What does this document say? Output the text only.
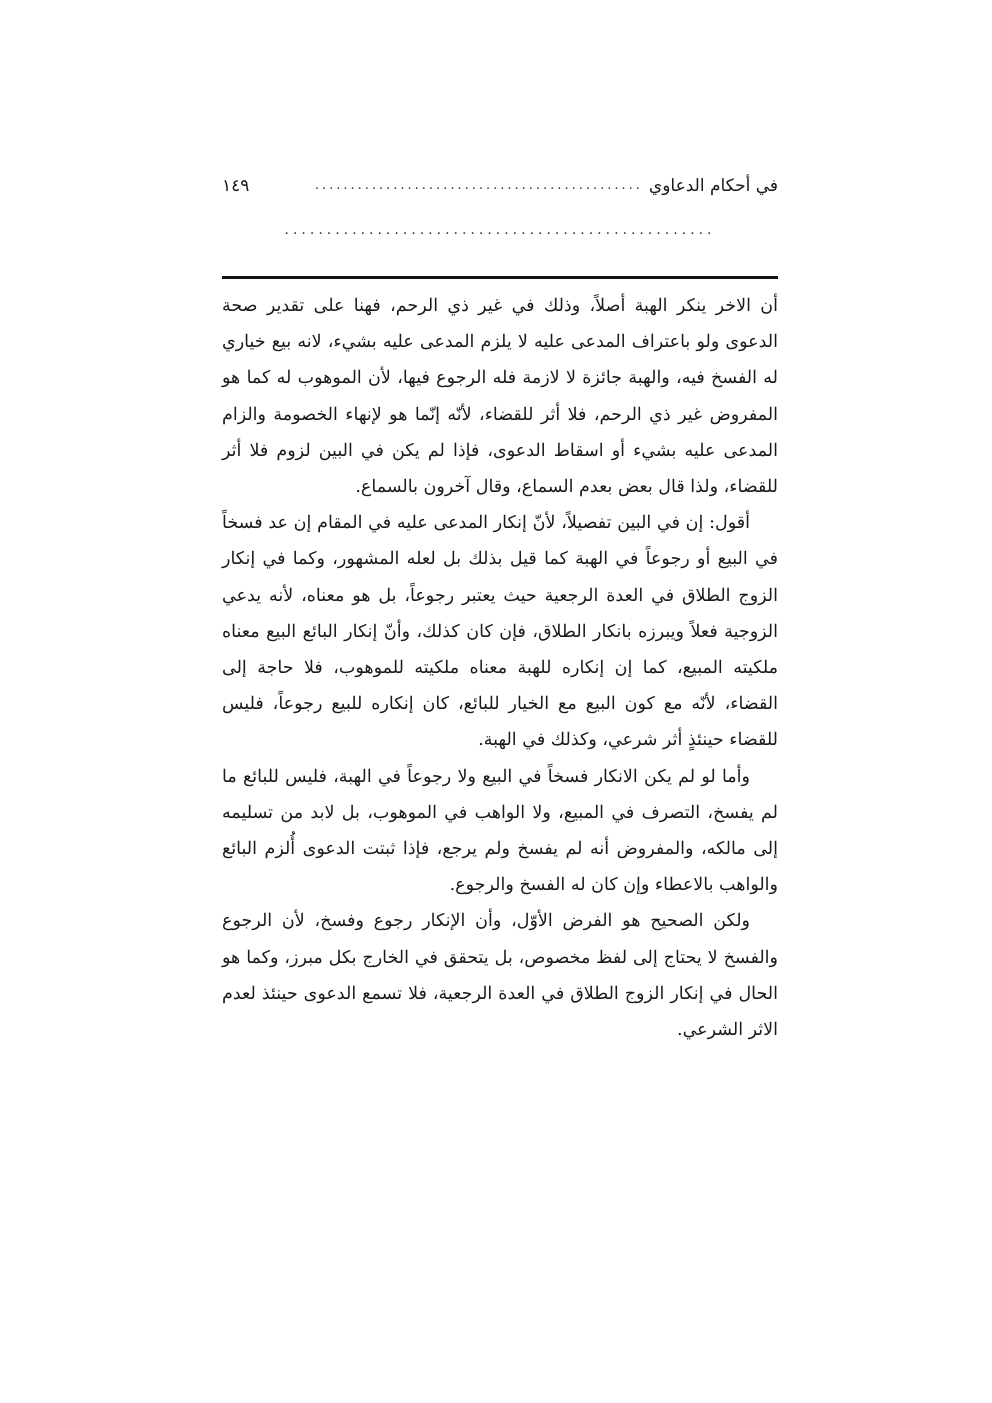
في أحكام الدعاوي
..............................................
١٤٩
...................................................

أن الاخر ينكر الهبة أصلاً، وذلك في غير ذي الرحم، فهنا على تقدير صحة الدعوى ولو باعتراف المدعى عليه لا يلزم المدعى عليه بشيء، لانه بيع خياري له الفسخ فيه، والهبة جائزة لا لازمة فله الرجوع فيها، لأن الموهوب له كما هو المفروض غير ذي الرحم، فلا أثر للقضاء، لأنّه إنّما هو لإنهاء الخصومة والزام المدعى عليه بشيء أو اسقاط الدعوى، فإذا لم يكن في البين لزوم فلا أثر للقضاء، ولذا قال بعض بعدم السماع، وقال آخرون بالسماع.

أقول: إن في البين تفصيلاً، لأنّ إنكار المدعى عليه في المقام إن عد فسخاً في البيع أو رجوعاً في الهبة كما قيل بذلك بل لعله المشهور، وكما في إنكار الزوج الطلاق في العدة الرجعية حيث يعتبر رجوعاً، بل هو معناه، لأنه يدعي الزوجية فعلاً ويبرزه بانكار الطلاق، فإن كان كذلك، وأنّ إنكار البائع البيع معناه ملكيته المبيع، كما إن إنكاره للهبة معناه ملكيته للموهوب، فلا حاجة إلى القضاء، لأنّه مع كون البيع مع الخيار للبائع، كان إنكاره للبيع رجوعاً، فليس للقضاء حينئذٍ أثر شرعي، وكذلك في الهبة.

وأما لو لم يكن الانكار فسخاً في البيع ولا رجوعاً في الهبة، فليس للبائع ما لم يفسخ، التصرف في المبيع، ولا الواهب في الموهوب، بل لابد من تسليمه إلى مالكه، والمفروض أنه لم يفسخ ولم يرجع، فإذا ثبتت الدعوى أُلزم البائع والواهب بالاعطاء وإن كان له الفسخ والرجوع.

ولكن الصحيح هو الفرض الأوّل، وأن الإنكار رجوع وفسخ، لأن الرجوع والفسخ لا يحتاج إلى لفظ مخصوص، بل يتحقق في الخارج بكل مبرز، وكما هو الحال في إنكار الزوج الطلاق في العدة الرجعية، فلا تسمع الدعوى حينئذ لعدم الاثر الشرعي.
